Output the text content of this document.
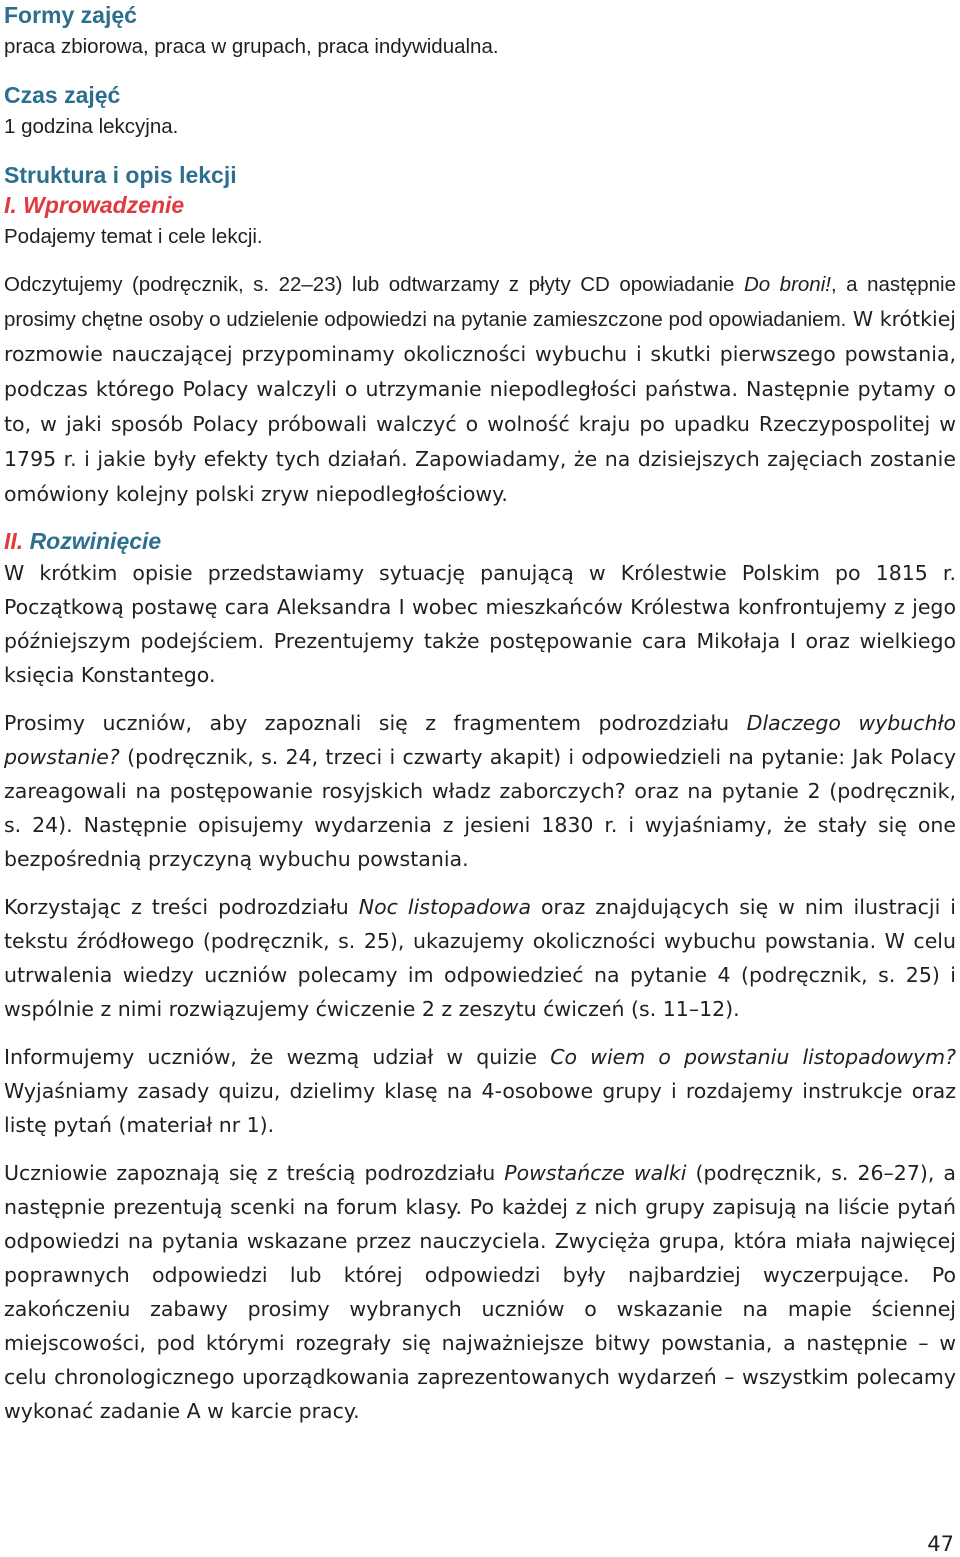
Formy zajęć

praca zbiorowa, praca w grupach, praca indywidualna.

Czas zajęć

1 godzina lekcyjna.

Struktura i opis lekcji
I. Wprowadzenie

Podajemy temat i cele lekcji.

Odczytujemy (podręcznik, s. 22–23) lub odtwarzamy z płyty CD opowiadanie Do broni!, a następnie prosimy chętne osoby o udzielenie odpowiedzi na pytanie zamieszczone pod opowiadaniem. W krótkiej rozmowie nauczającej przypominamy okoliczności wybuchu i skutki pierwszego powstania, podczas którego Polacy walczyli o utrzymanie niepodległości państwa. Następnie pytamy o to, w jaki sposób Polacy próbowali walczyć o wolność kraju po upadku Rzeczypospolitej w 1795 r. i jakie były efekty tych działań. Zapowiadamy, że na dzisiejszych zajęciach zostanie omówiony kolejny polski zryw niepodległościowy.

II. Rozwinięcie

W krótkim opisie przedstawiamy sytuację panującą w Królestwie Polskim po 1815 r. Początkową postawę cara Aleksandra I wobec mieszkańców Królestwa konfrontujemy z jego późniejszym podejściem. Prezentujemy także postępowanie cara Mikołaja I oraz wielkiego księcia Konstantego.

Prosimy uczniów, aby zapoznali się z fragmentem podrozdziału Dlaczego wybuchło powstanie? (podręcznik, s. 24, trzeci i czwarty akapit) i odpowiedzieli na pytanie: Jak Polacy zareagowali na postępowanie rosyjskich władz zaborczych? oraz na pytanie 2 (podręcznik, s. 24). Następnie opisujemy wydarzenia z jesieni 1830 r. i wyjaśniamy, że stały się one bezpośrednią przyczyną wybuchu powstania.

Korzystając z treści podrozdziału Noc listopadowa oraz znajdujących się w nim ilustracji i tekstu źródłowego (podręcznik, s. 25), ukazujemy okoliczności wybuchu powstania. W celu utrwalenia wiedzy uczniów polecamy im odpowiedzieć na pytanie 4 (podręcznik, s. 25) i wspólnie z nimi rozwiązujemy ćwiczenie 2 z zeszytu ćwiczeń (s. 11–12).

Informujemy uczniów, że wezmą udział w quizie Co wiem o powstaniu listopadowym? Wyjaśniamy zasady quizu, dzielimy klasę na 4-osobowe grupy i rozdajemy instrukcje oraz listę pytań (materiał nr 1).

Uczniowie zapoznają się z treścią podrozdziału Powstańcze walki (podręcznik, s. 26–27), a następnie prezentują scenki na forum klasy. Po każdej z nich grupy zapisują na liście pytań odpowiedzi na pytania wskazane przez nauczyciela. Zwycięża grupa, która miała najwięcej poprawnych odpowiedzi lub której odpowiedzi były najbardziej wyczerpujące. Po zakończeniu zabawy prosimy wybranych uczniów o wskazanie na mapie ściennej miejscowości, pod którymi rozegrały się najważniejsze bitwy powstania, a następnie – w celu chronologicznego uporządkowania zaprezentowanych wydarzeń – wszystkim polecamy wykonać zadanie A w karcie pracy.

47
